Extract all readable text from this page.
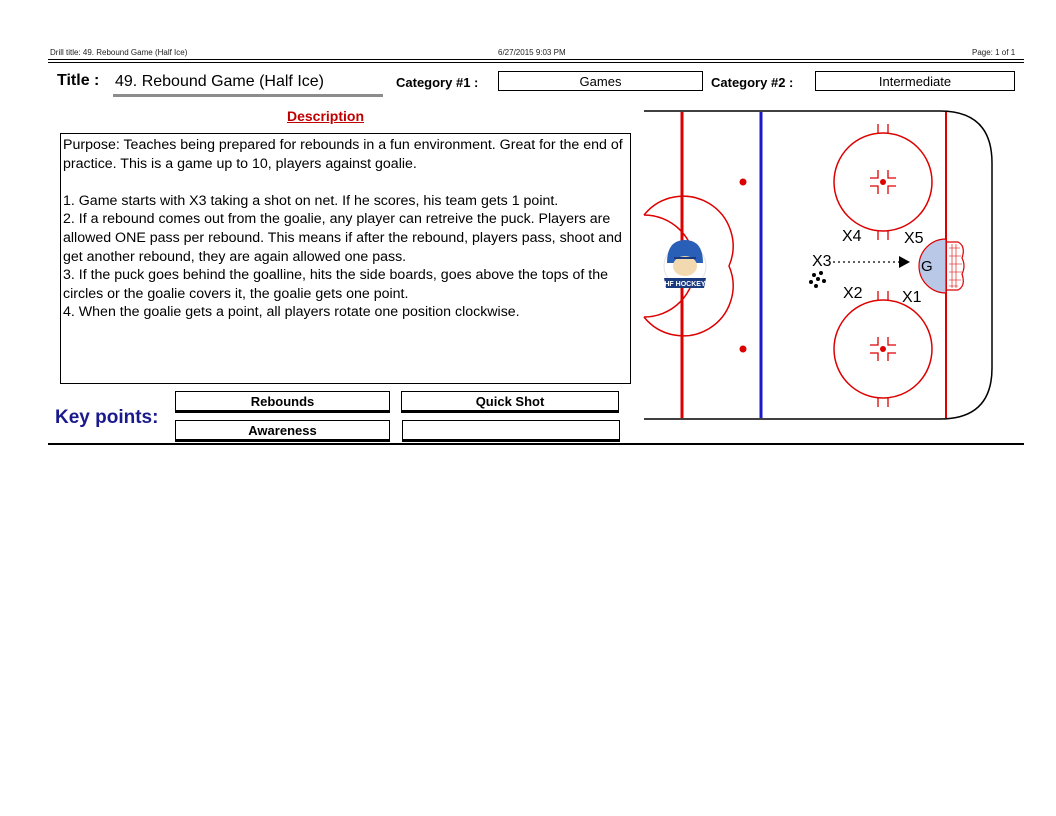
Drill title: 49. Rebound Game (Half Ice)	6/27/2015 9:03 PM	Page: 1 of 1
Title : 49. Rebound Game (Half Ice)	Category #1 :	Games	Category #2 :	Intermediate
Description

Purpose: Teaches being prepared for rebounds in a fun environment. Great for the end of practice. This is a game up to 10, players against goalie.

1. Game starts with X3 taking a shot on net. If he scores, his team gets 1 point.

2. If a rebound comes out from the goalie, any player can retreive the puck. Players are allowed ONE pass per rebound. This means if after the rebound, players pass, shoot and get another rebound, they are again allowed one pass.

3. If the puck goes behind the goalline, hits the side boards, goes above the tops of the circles or the goalie covers it, the goalie gets one point.

4. When the goalie gets a point, all players rotate one position clockwise.

Key points:
Rebounds	Quick Shot
Awareness
HF HOCKEY
X4	X5
X3
X2 X1
G
